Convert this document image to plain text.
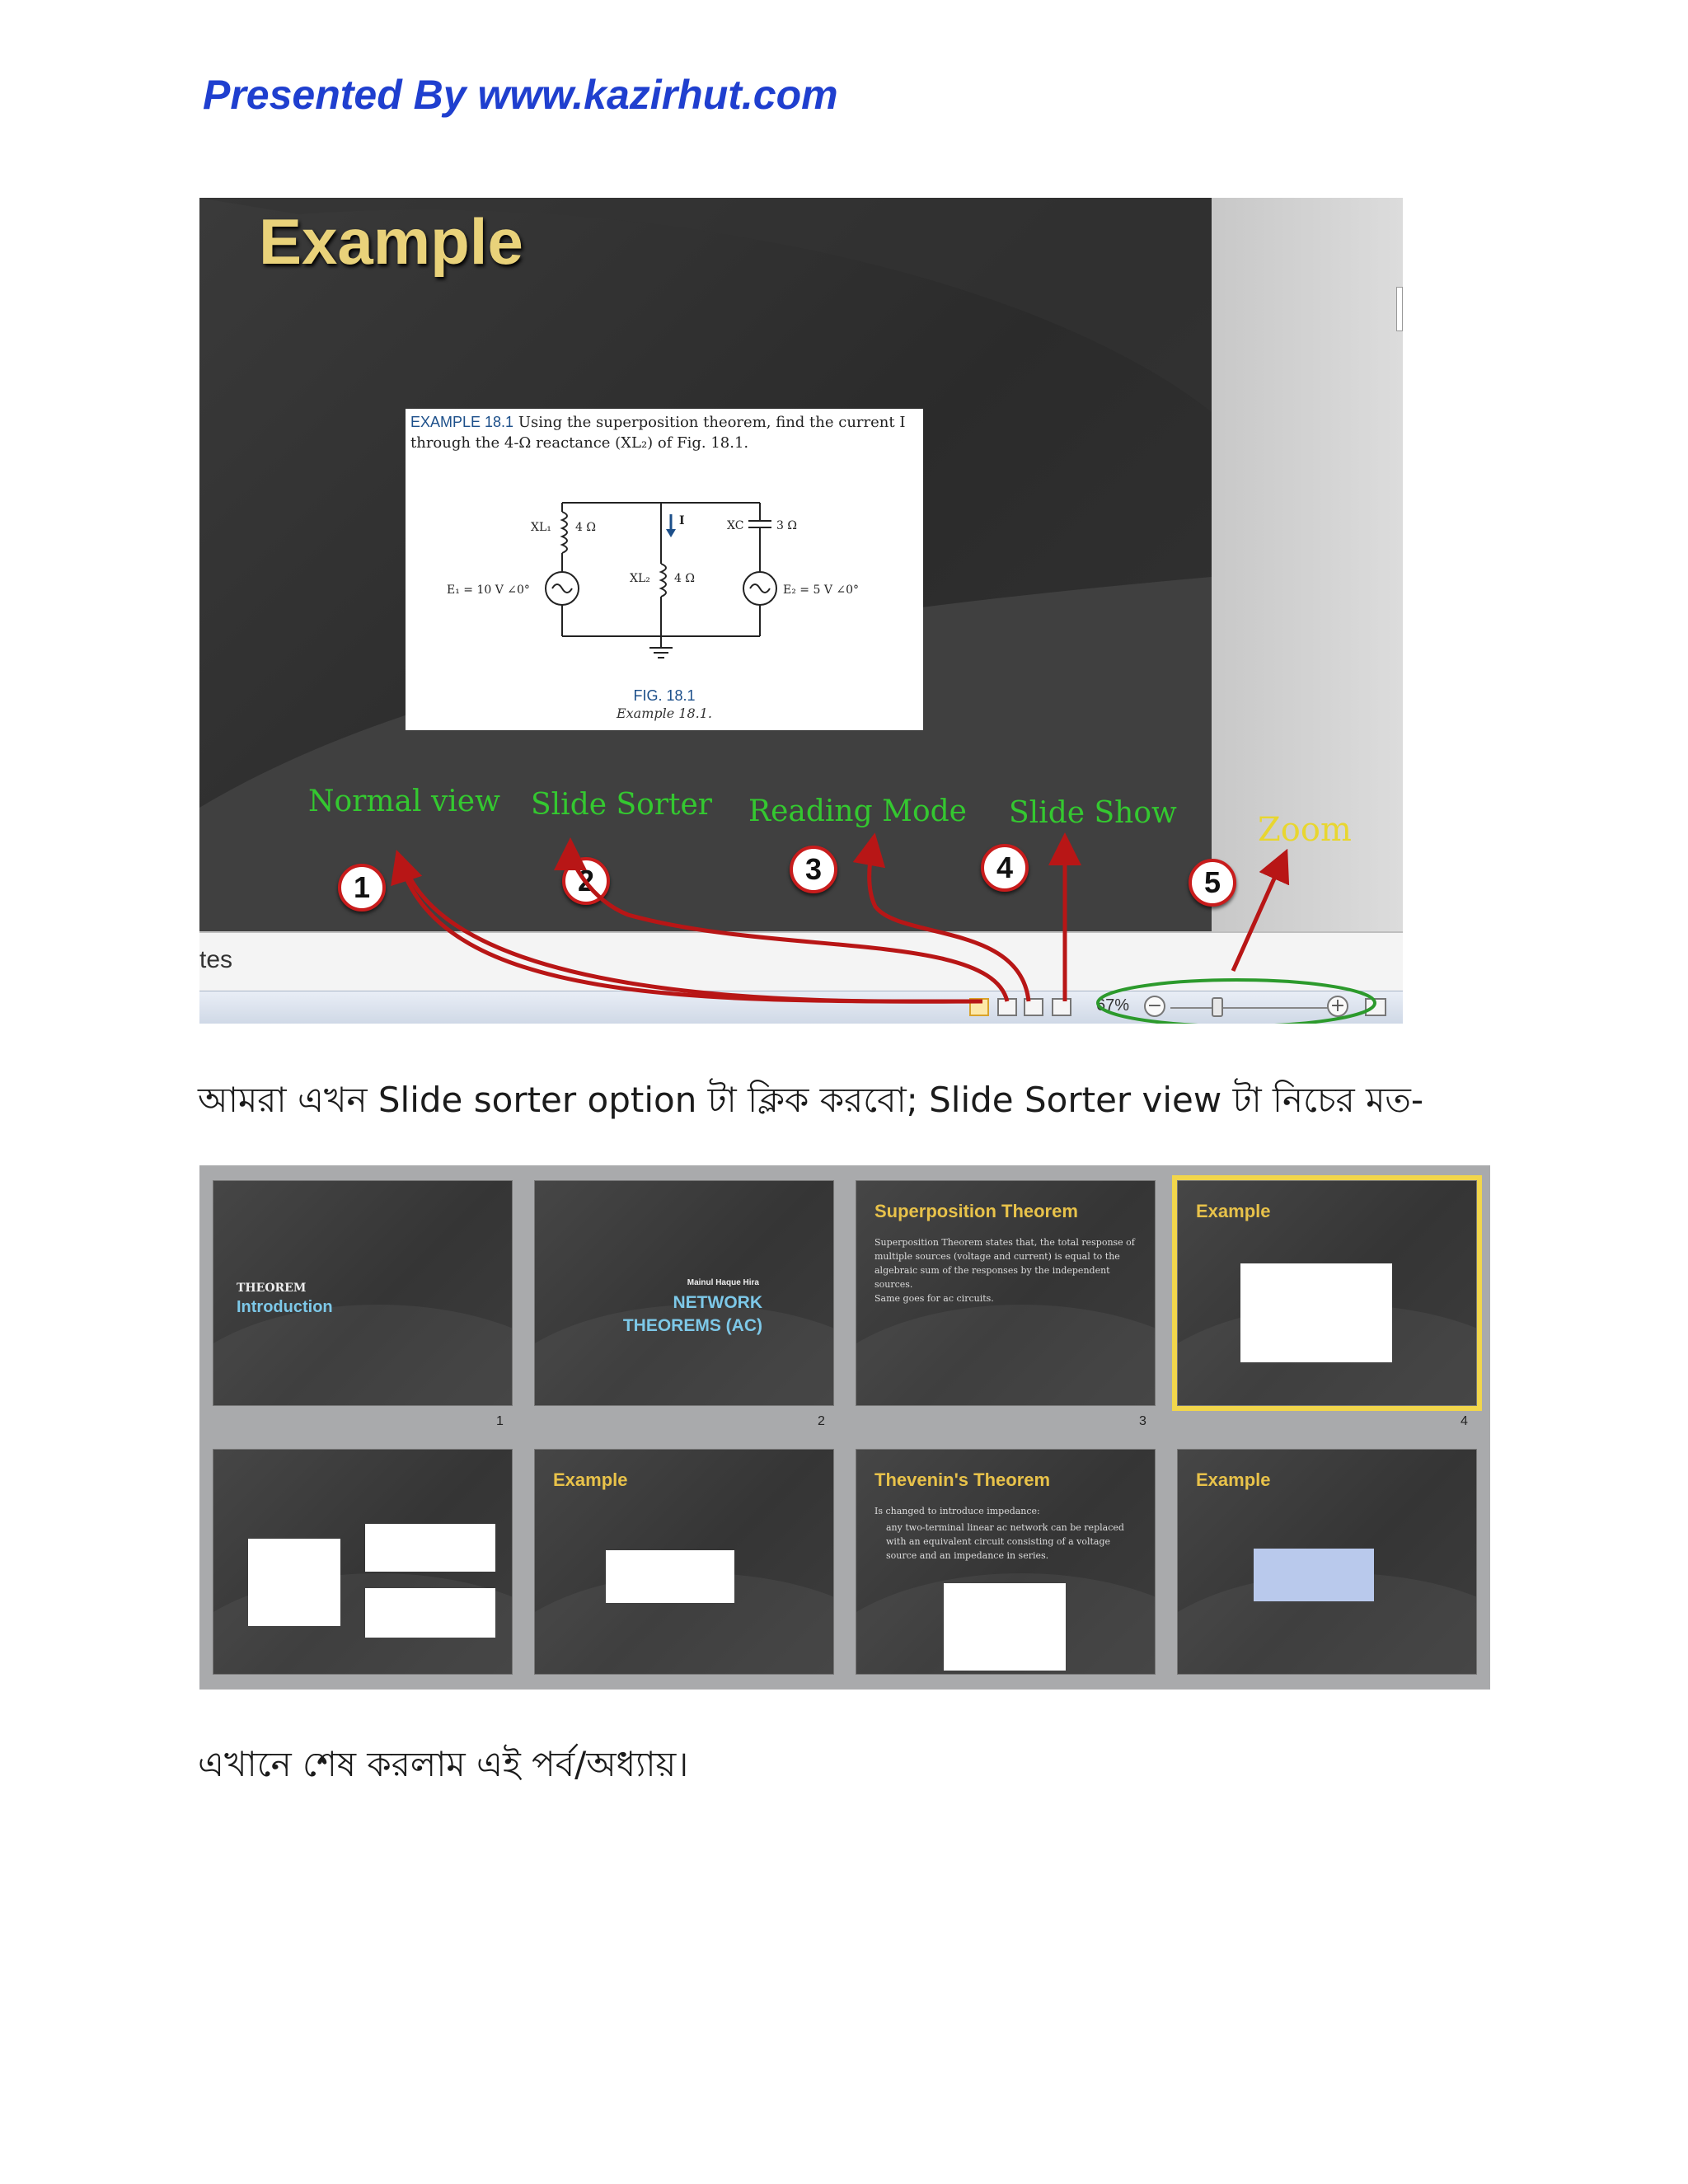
Presented By www.kazirhut.com
Example
EXAMPLE 18.1 Using the superposition theorem, find the current I through the 4-Ω reactance (XL₂) of Fig. 18.1.
XL₁ 4 Ω
XL₂ 4 Ω
XC	3 Ω
E₁ = 10 V ∠0°	E₂ = 5 V ∠0°
I
FIG. 18.1
Example 18.1.
Normal view Slide Sorter Reading Mode Slide Show Zoom
1	2	3	4	5
tes
67% −	+
আমরা এখন Slide sorter option টা ক্লিক করবো; Slide Sorter view টা নিচের মত-
THEOREM
Introduction
1
Mainul Haque Hira
NETWORK
THEOREMS (AC)
2
Superposition Theorem
Superposition Theorem states that, the total response of multiple sources (voltage and current) is equal to the algebraic sum of the responses by the independent sources.
Same goes for ac circuits.
3
Example
4
Example	Thevenin's Theorem
Is changed to introduce impedance:
any two-terminal linear ac network can be replaced with an equivalent circuit consisting of a voltage source and an impedance in series.
Example
এখানে শেষ করলাম এই পর্ব/অধ্যায়।
